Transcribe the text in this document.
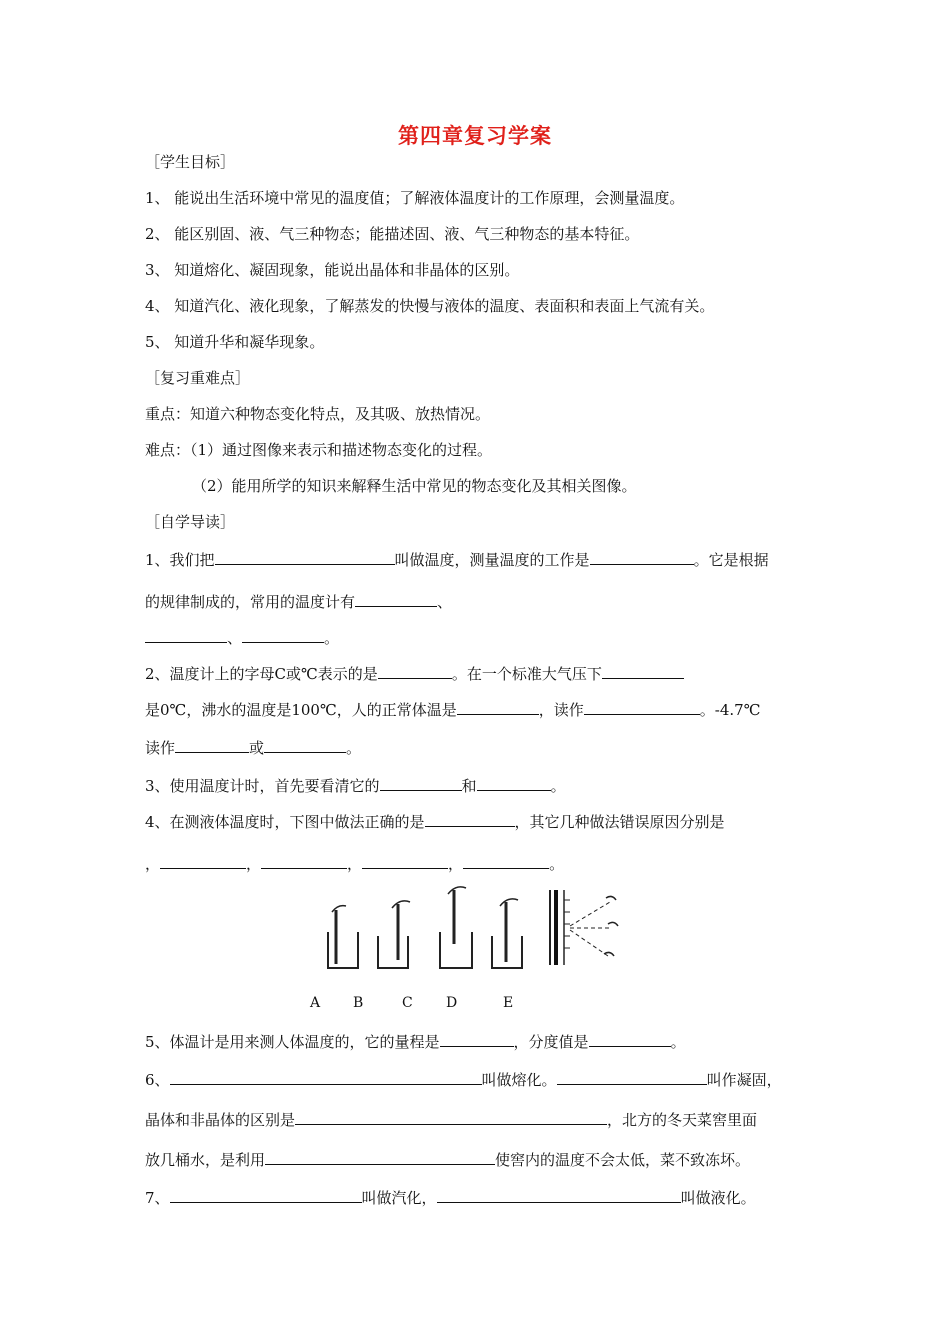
第四章复习学案
［学生目标］
1、 能说出生活环境中常见的温度值；了解液体温度计的工作原理，会测量温度。
2、 能区别固、液、气三种物态；能描述固、液、气三种物态的基本特征。
3、 知道熔化、凝固现象，能说出晶体和非晶体的区别。
4、 知道汽化、液化现象，了解蒸发的快慢与液体的温度、表面积和表面上气流有关。
5、 知道升华和凝华现象。
［复习重难点］
重点：知道六种物态变化特点，及其吸、放热情况。
难点：（1）通过图像来表示和描述物态变化的过程。
（2）能用所学的知识来解释生活中常见的物态变化及其相关图像。
［自学导读］
1、我们把	叫做温度，测量温度的工作是	。它是根据
的规律制成的，常用的温度计有	、
、	。
2、温度计上的字母C或℃表示的是	。在一个标准大气压下
是0℃，沸水的温度是100℃，人的正常体温是	，读作	。-4.7℃
读作	或	。
3、使用温度计时，首先要看清它的	和	。
4、在测液体温度时，下图中做法正确的是	，其它几种做法错误原因分别是
，	，	，	，	。
A B	C D	E
5、体温计是用来测人体温度的，它的量程是	，分度值是	。
6、	叫做熔化。	叫作凝固，
晶体和非晶体的区别是	，北方的冬天菜窖里面
放几桶水，是利用	使窖内的温度不会太低，菜不致冻坏。
7、	叫做汽化，	叫做液化。
